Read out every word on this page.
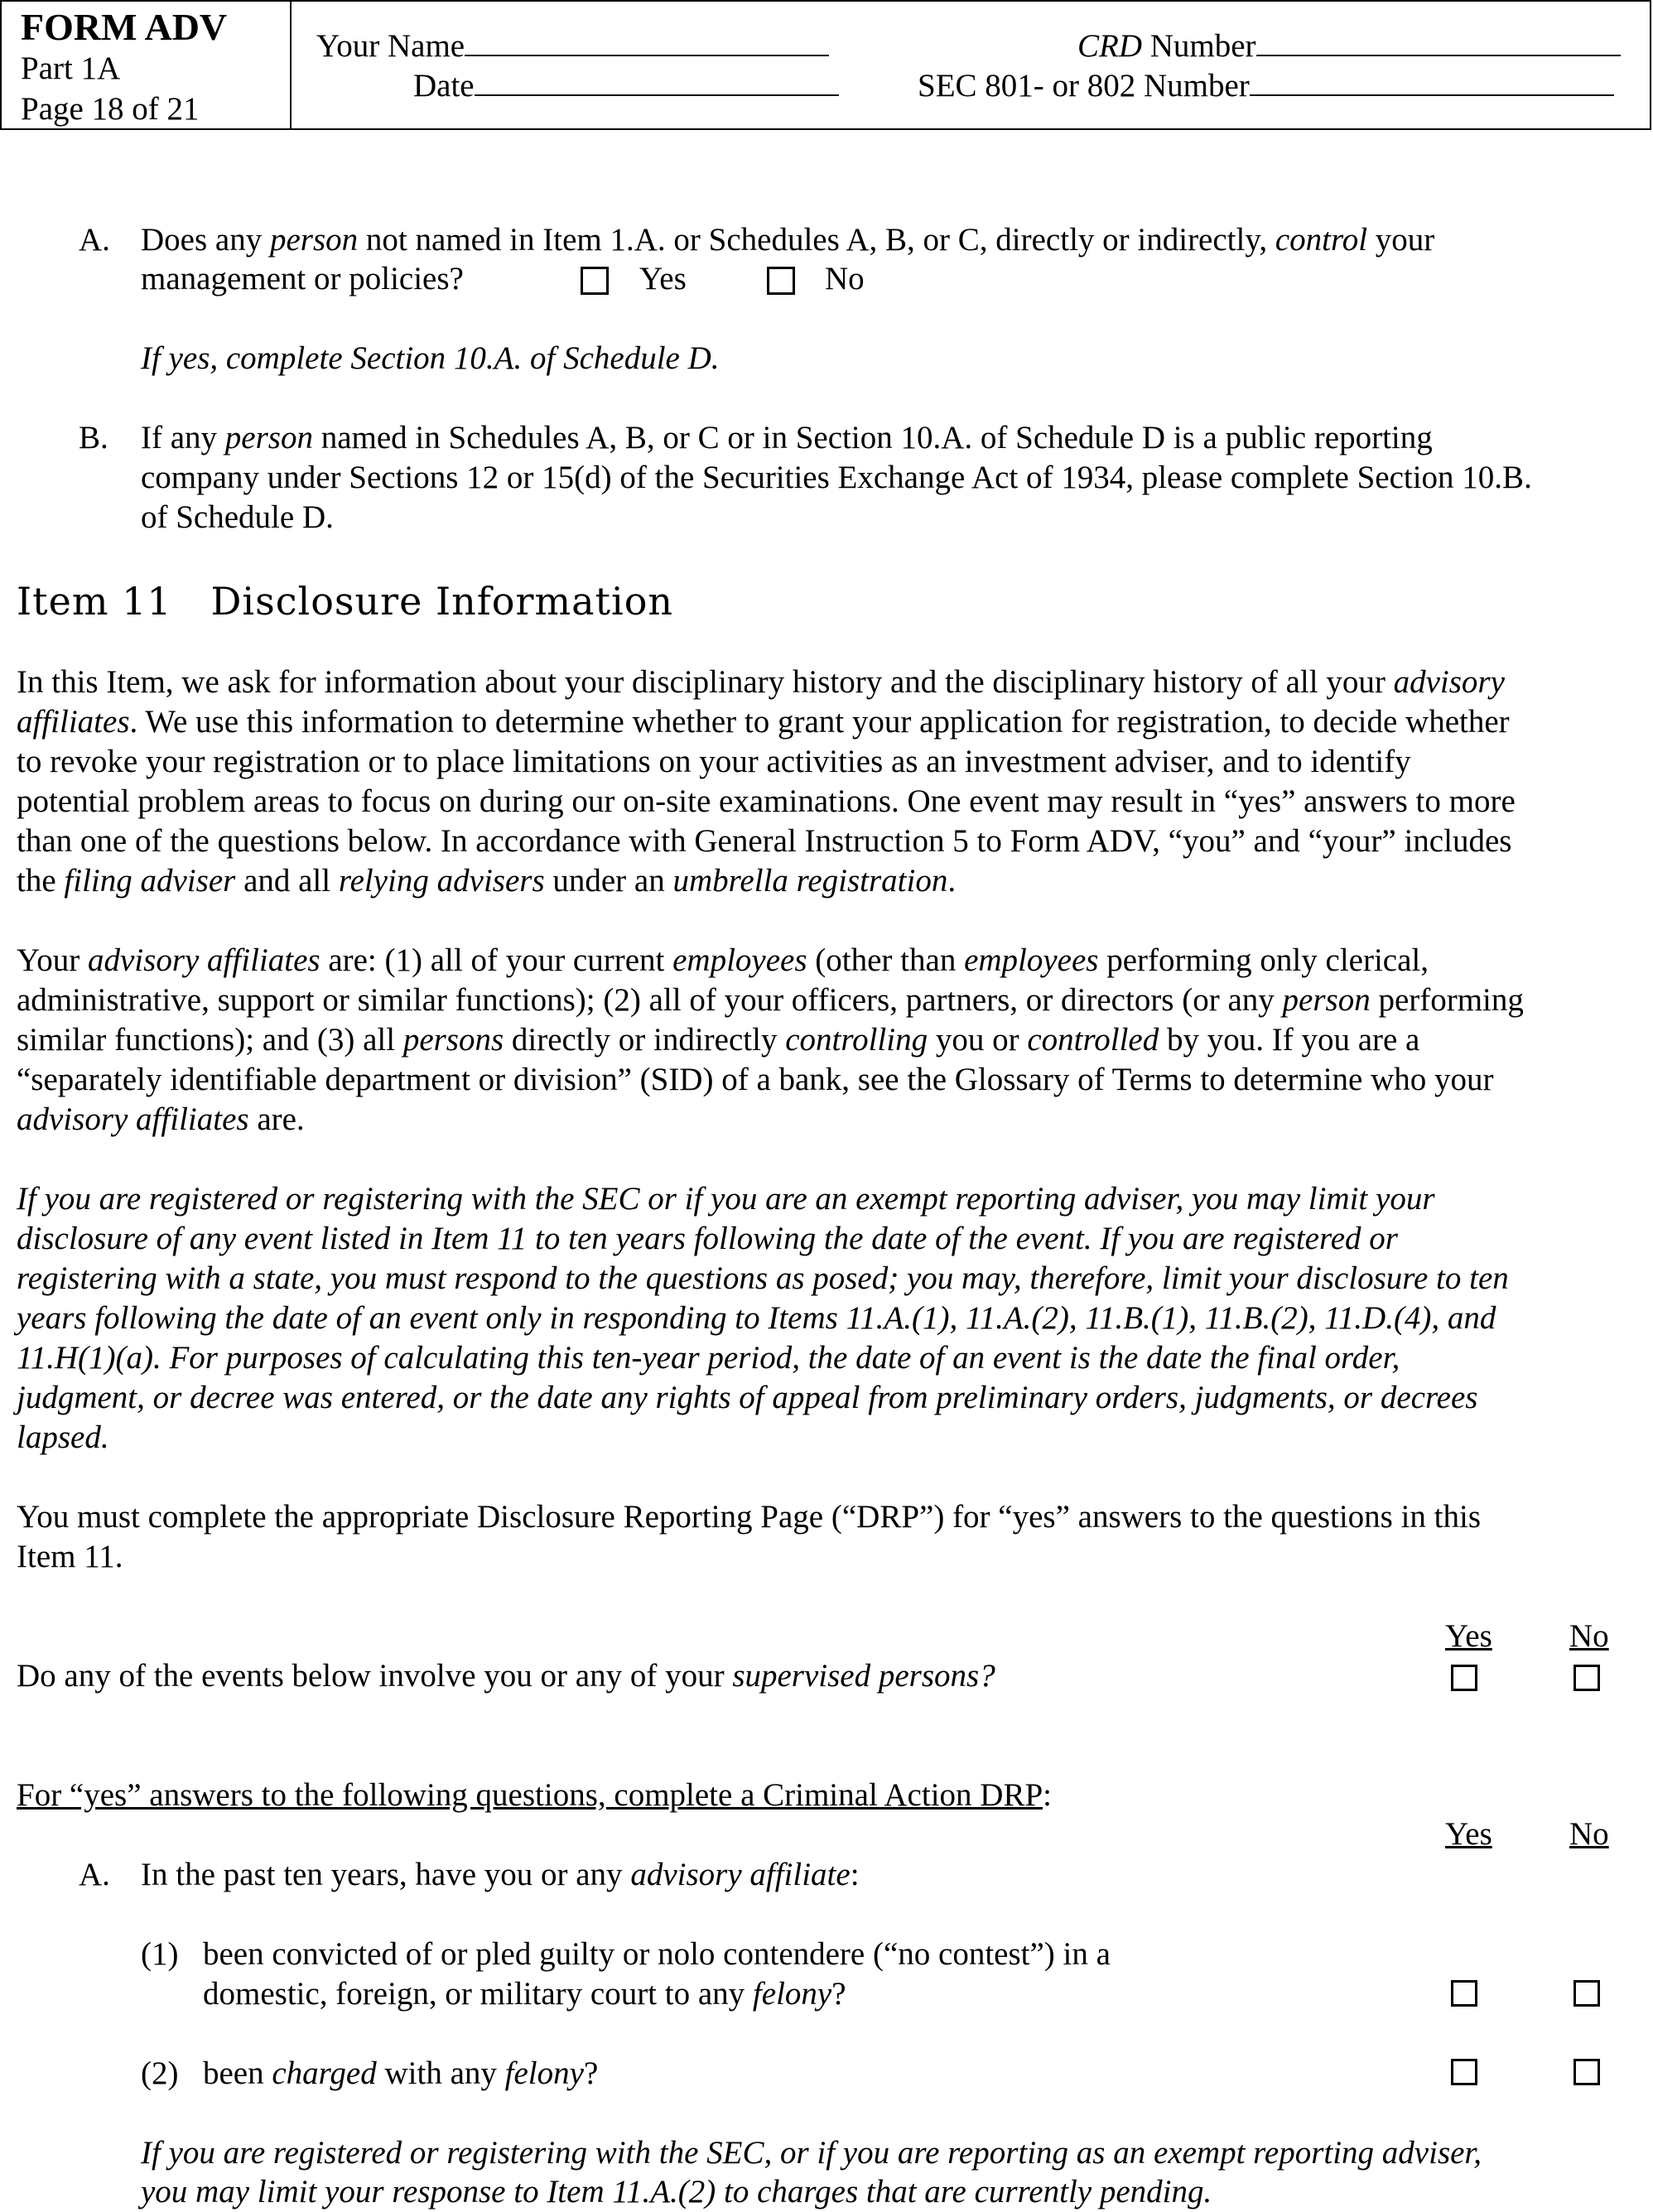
FORM ADV
Part 1A
Page 18 of 21
Your Name
Date
CRD Number
SEC 801- or 802 Number
A. Does any person not named in Item 1.A. or Schedules A, B, or C, directly or indirectly, control your
management or policies?	Yes	No
If yes, complete Section 10.A. of Schedule D.
B. If any person named in Schedules A, B, or C or in Section 10.A. of Schedule D is a public reporting
company under Sections 12 or 15(d) of the Securities Exchange Act of 1934, please complete Section 10.B.
of Schedule D.
Item 11   Disclosure Information
In this Item, we ask for information about your disciplinary history and the disciplinary history of all your advisory
affiliates. We use this information to determine whether to grant your application for registration, to decide whether
to revoke your registration or to place limitations on your activities as an investment adviser, and to identify
potential problem areas to focus on during our on-site examinations. One event may result in “yes” answers to more
than one of the questions below. In accordance with General Instruction 5 to Form ADV, “you” and “your” includes
the filing adviser and all relying advisers under an umbrella registration.
Your advisory affiliates are: (1) all of your current employees (other than employees performing only clerical,
administrative, support or similar functions); (2) all of your officers, partners, or directors (or any person performing
similar functions); and (3) all persons directly or indirectly controlling you or controlled by you. If you are a
“separately identifiable department or division” (SID) of a bank, see the Glossary of Terms to determine who your
advisory affiliates are.
If you are registered or registering with the SEC or if you are an exempt reporting adviser, you may limit your
disclosure of any event listed in Item 11 to ten years following the date of the event. If you are registered or
registering with a state, you must respond to the questions as posed; you may, therefore, limit your disclosure to ten
years following the date of an event only in responding to Items 11.A.(1), 11.A.(2), 11.B.(1), 11.B.(2), 11.D.(4), and
11.H(1)(a). For purposes of calculating this ten-year period, the date of an event is the date the final order,
judgment, or decree was entered, or the date any rights of appeal from preliminary orders, judgments, or decrees
lapsed.
You must complete the appropriate Disclosure Reporting Page (“DRP”) for “yes” answers to the questions in this
Item 11.
Yes No
Do any of the events below involve you or any of your supervised persons?
For “yes” answers to the following questions, complete a Criminal Action DRP:
Yes No
A. In the past ten years, have you or any advisory affiliate:
(1) been convicted of or pled guilty or nolo contendere (“no contest”) in a
domestic, foreign, or military court to any felony?
(2) been charged with any felony?
If you are registered or registering with the SEC, or if you are reporting as an exempt reporting adviser,
you may limit your response to Item 11.A.(2) to charges that are currently pending.
